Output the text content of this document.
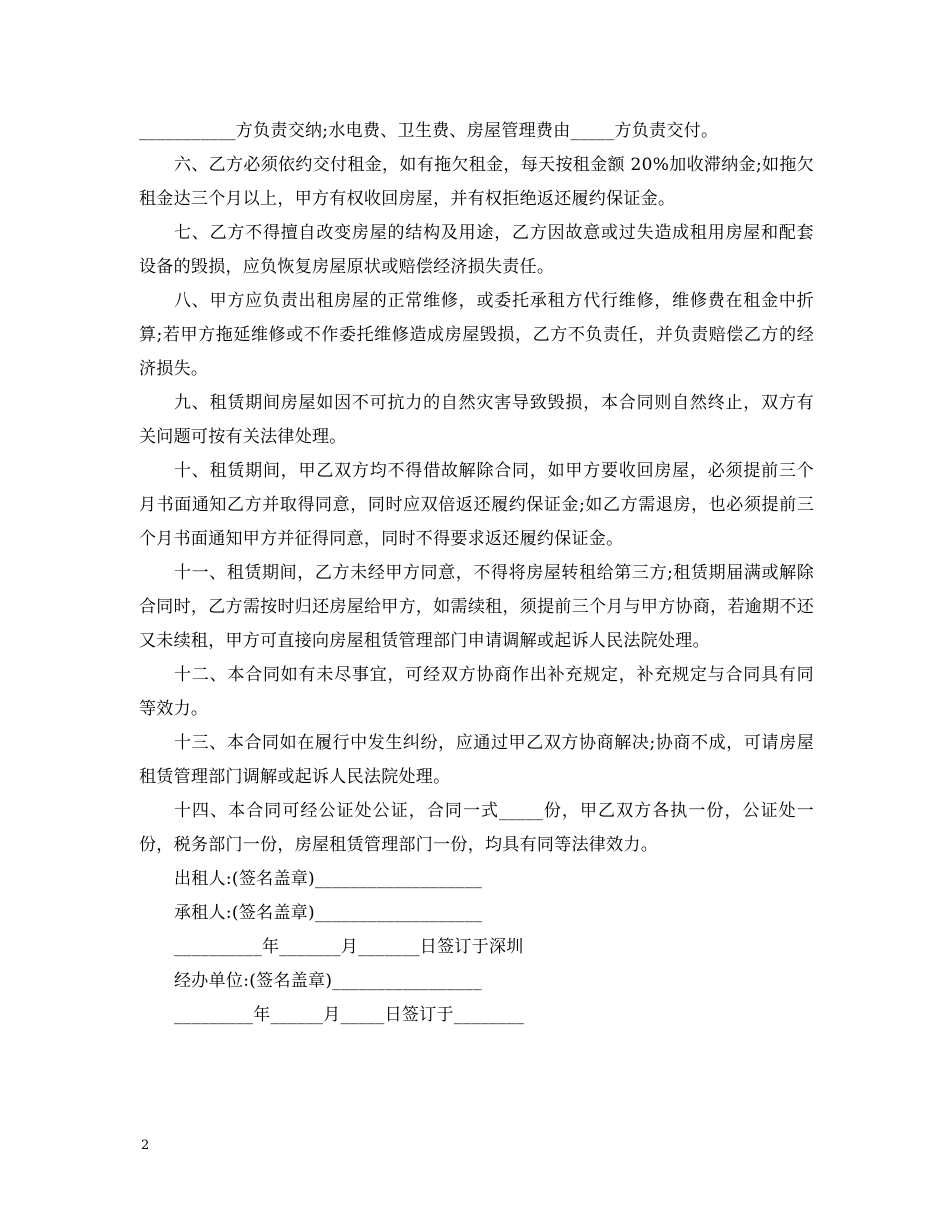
___________方负责交纳;水电费、卫生费、房屋管理费由_____方负责交付。

六、乙方必须依约交付租金，如有拖欠租金，每天按租金额 20%加收滞纳金;如拖欠租金达三个月以上，甲方有权收回房屋，并有权拒绝返还履约保证金。

七、乙方不得擅自改变房屋的结构及用途，乙方因故意或过失造成租用房屋和配套设备的毁损，应负恢复房屋原状或赔偿经济损失责任。

八、甲方应负责出租房屋的正常维修，或委托承租方代行维修，维修费在租金中折算;若甲方拖延维修或不作委托维修造成房屋毁损，乙方不负责任，并负责赔偿乙方的经济损失。

九、租赁期间房屋如因不可抗力的自然灾害导致毁损，本合同则自然终止，双方有关问题可按有关法律处理。

十、租赁期间，甲乙双方均不得借故解除合同，如甲方要收回房屋，必须提前三个月书面通知乙方并取得同意，同时应双倍返还履约保证金;如乙方需退房，也必须提前三个月书面通知甲方并征得同意，同时不得要求返还履约保证金。

十一、租赁期间，乙方未经甲方同意，不得将房屋转租给第三方;租赁期届满或解除合同时，乙方需按时归还房屋给甲方，如需续租，须提前三个月与甲方协商，若逾期不还又未续租，甲方可直接向房屋租赁管理部门申请调解或起诉人民法院处理。

十二、本合同如有未尽事宜，可经双方协商作出补充规定，补充规定与合同具有同等效力。

十三、本合同如在履行中发生纠纷，应通过甲乙双方协商解决;协商不成，可请房屋租赁管理部门调解或起诉人民法院处理。

十四、本合同可经公证处公证，合同一式_____份，甲乙双方各执一份，公证处一份，税务部门一份，房屋租赁管理部门一份，均具有同等法律效力。

出租人:(签名盖章)___________________

承租人:(签名盖章)___________________

__________年_______月_______日签订于深圳

经办单位:(签名盖章)_________________

_________年______月_____日签订于________

2
